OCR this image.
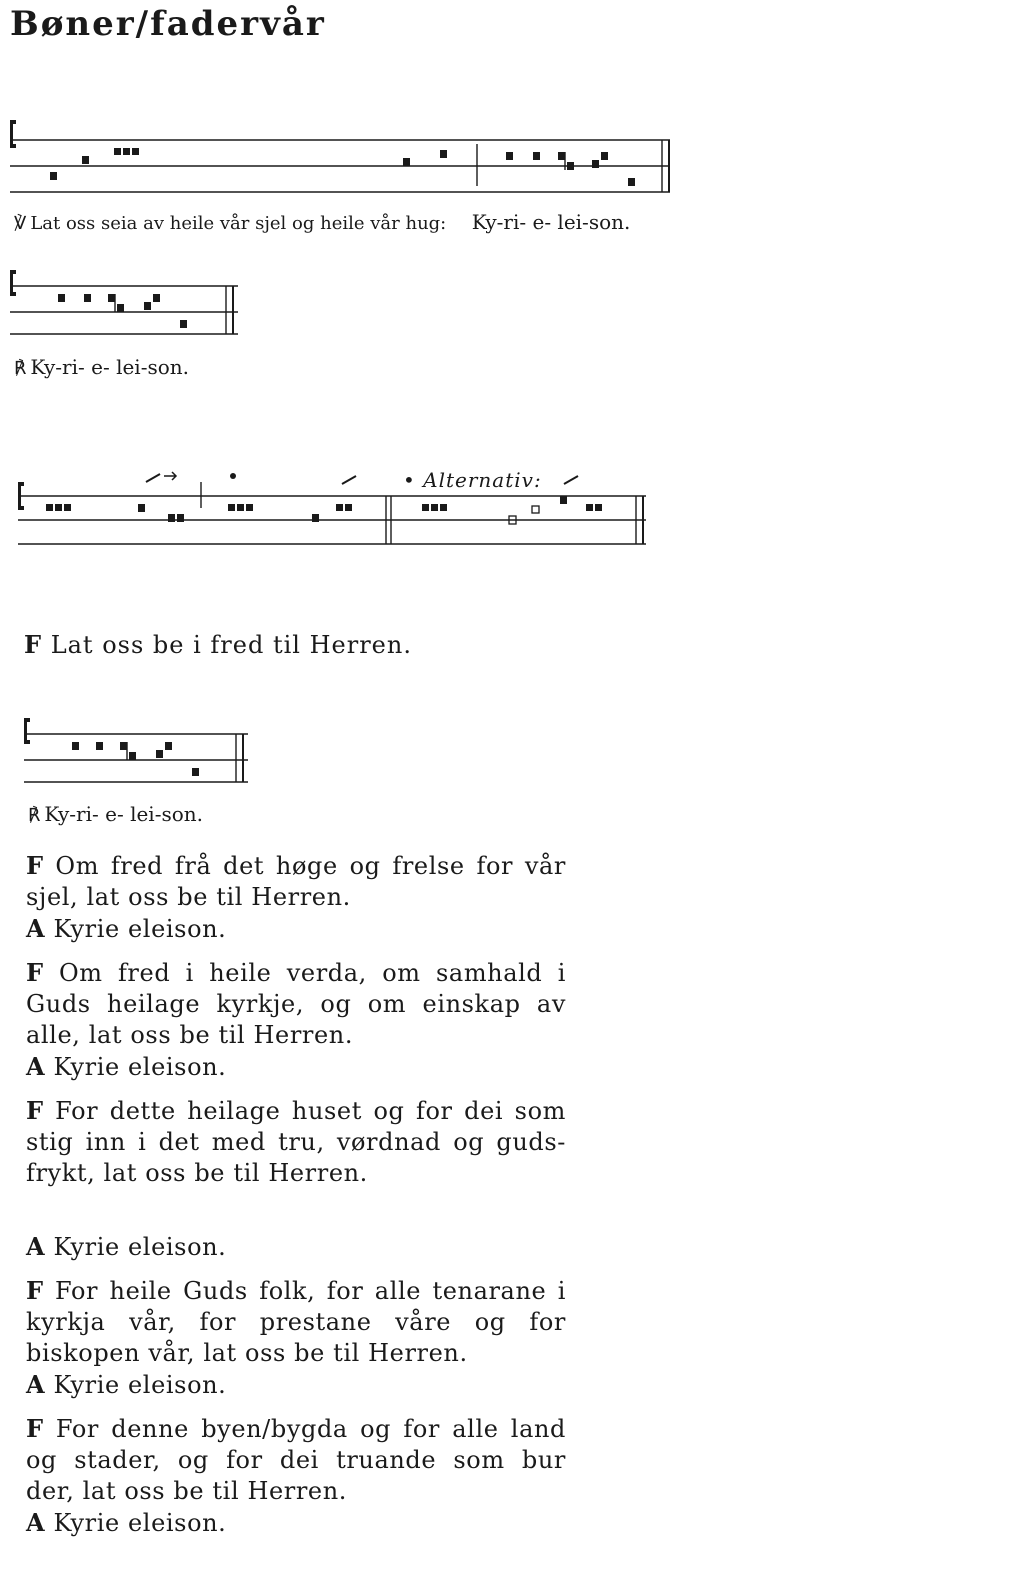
Bøner/fadervår
℣ Lat oss seia av heile vår sjel og heile vår hug: Ky-ri- e- lei-son.
℟ Ky-ri- e- lei-son.
• Alternativ:
F Lat oss be i fred til Herren.
℟ Ky-ri- e- lei-son.
F Om fred frå det høge og frelse for vår
sjel, lat oss be til Herren.
A Kyrie eleison.
F Om fred i heile verda, om samhald i
Guds heilage kyrkje, og om einskap av
alle, lat oss be til Herren.
A Kyrie eleison.
F For dette heilage huset og for dei som
stig inn i det med tru, vørdnad og guds-
frykt, lat oss be til Herren.
A Kyrie eleison.
F For heile Guds folk, for alle tenarane i
kyrkja vår, for prestane våre og for
biskopen vår, lat oss be til Herren.
A Kyrie eleison.
F For denne byen/bygda og for alle land
og stader, og for dei truande som bur
der, lat oss be til Herren.
A Kyrie eleison.
